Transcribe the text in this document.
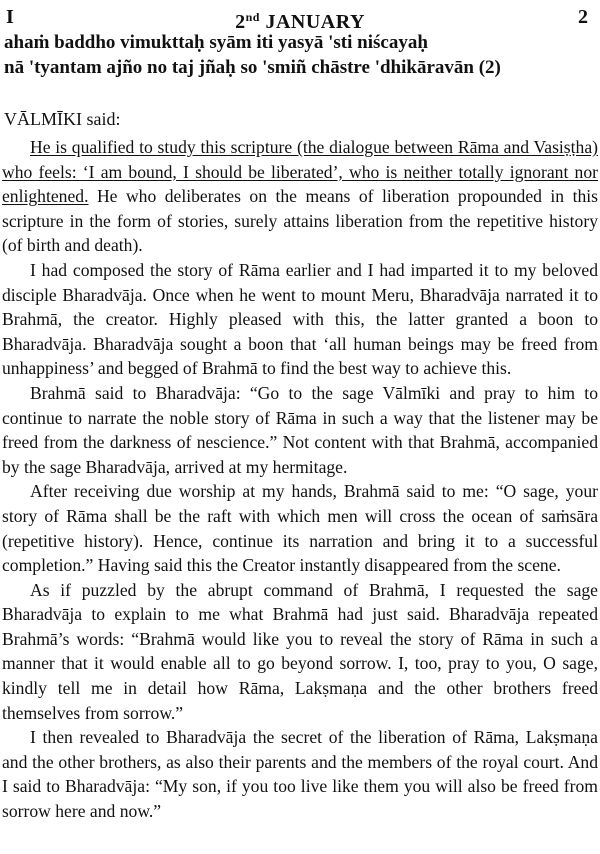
I	2nd JANUARY	2
ahaṁ baddho vimukttaḥ syām iti yasyā 'sti niścayaḥ
nā 'tyantam ajño no taj jñaḥ so 'smiñ chāstre 'dhikāravān (2)
VĀLMĪKI said:

He is qualified to study this scripture (the dialogue between Rāma and Vasiṣṭha) who feels: ‘I am bound, I should be liberated’, who is neither totally ignorant nor enlightened. He who deliberates on the means of liberation propounded in this scripture in the form of stories, surely attains liberation from the repetitive history (of birth and death).

I had composed the story of Rāma earlier and I had imparted it to my beloved disciple Bharadvāja. Once when he went to mount Meru, Bharadvāja narrated it to Brahmā, the creator. Highly pleased with this, the latter granted a boon to Bharadvāja. Bharadvāja sought a boon that ‘all human beings may be freed from unhappiness’ and begged of Brahmā to find the best way to achieve this.

Brahmā said to Bharadvāja: “Go to the sage Vālmīki and pray to him to continue to narrate the noble story of Rāma in such a way that the listener may be freed from the darkness of nescience.” Not content with that Brahmā, accompanied by the sage Bharadvāja, arrived at my hermitage.

After receiving due worship at my hands, Brahmā said to me: “O sage, your story of Rāma shall be the raft with which men will cross the ocean of saṁsāra (repetitive history). Hence, continue its narration and bring it to a successful completion.” Having said this the Creator instantly disappeared from the scene.

As if puzzled by the abrupt command of Brahmā, I requested the sage Bharadvāja to explain to me what Brahmā had just said. Bharadvāja repeated Brahmā’s words: “Brahmā would like you to reveal the story of Rāma in such a manner that it would enable all to go beyond sorrow. I, too, pray to you, O sage, kindly tell me in detail how Rāma, Lakṣmaṇa and the other brothers freed themselves from sorrow.”

I then revealed to Bharadvāja the secret of the liberation of Rāma, Lakṣmaṇa and the other brothers, as also their parents and the members of the royal court. And I said to Bharadvāja: “My son, if you too live like them you will also be freed from sorrow here and now.”
